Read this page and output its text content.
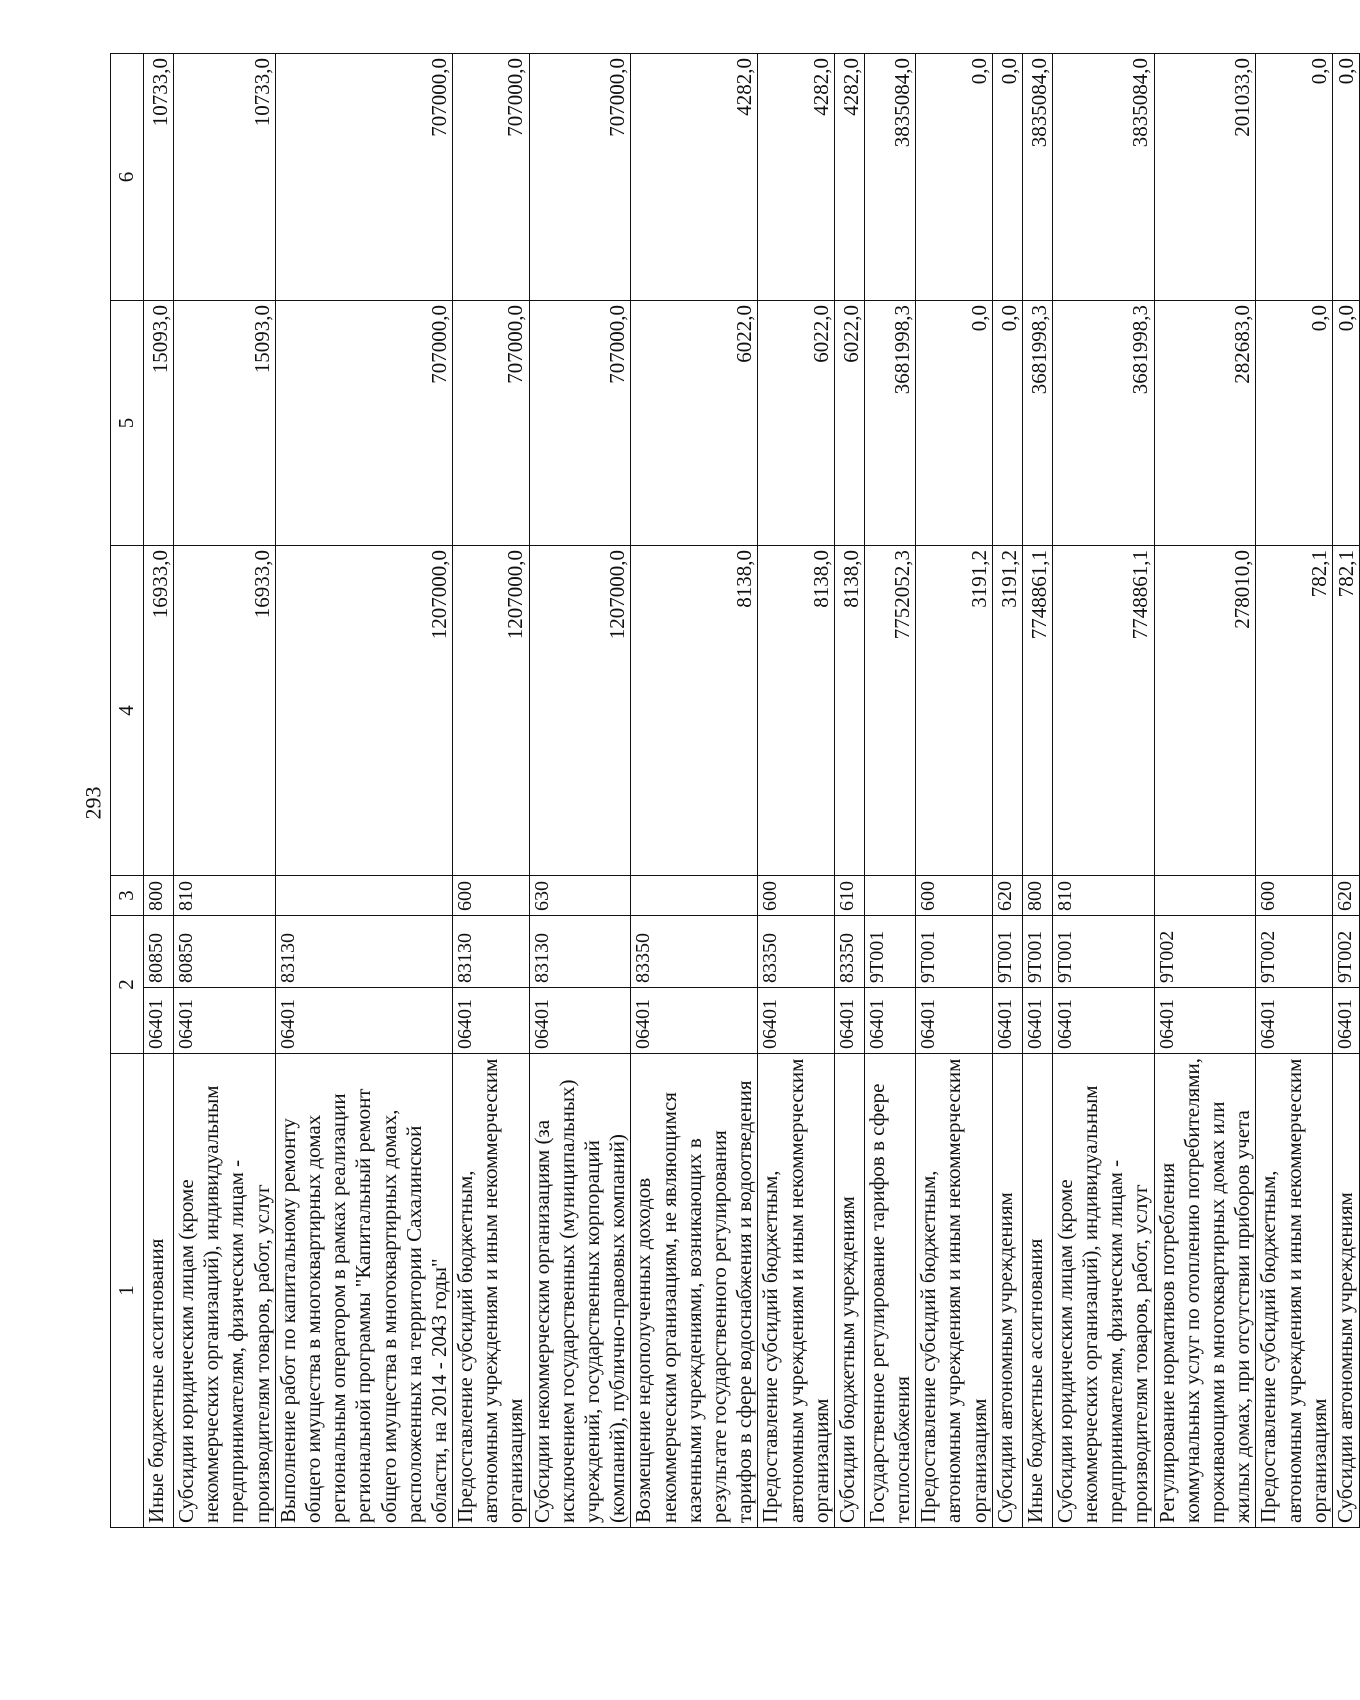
293
1	2		3	4	5	6
Иные бюджетные ассигнования	06401	80850	800	16933,0	15093,0	10733,0
Субсидии юридическим лицам (кроме некоммерческих организаций), индивидуальным предпринимателям, физическим лицам - производителям товаров, работ, услуг	06401	80850	810	16933,0	15093,0	10733,0
Выполнение работ по капитальному ремонту общего имущества в многоквартирных домах региональным оператором в рамках реализации региональной программы "Капитальный ремонт общего имущества в многоквартирных домах, расположенных на территории Сахалинской области, на 2014 - 2043 годы"	06401	83130		1207000,0	707000,0	707000,0
Предоставление субсидий бюджетным, автономным учреждениям и иным некоммерческим организациям	06401	83130	600	1207000,0	707000,0	707000,0
Субсидии некоммерческим организациям (за исключением государственных (муниципальных) учреждений, государственных корпораций (компаний), публично-правовых компаний)	06401	83130	630	1207000,0	707000,0	707000,0
Возмещение недополученных доходов некоммерческим организациям, не являющимся казенными учреждениями, возникающих в результате государственного регулирования тарифов в сфере водоснабжения и водоотведения	06401	83350		8138,0	6022,0	4282,0
Предоставление субсидий бюджетным, автономным учреждениям и иным некоммерческим организациям	06401	83350	600	8138,0	6022,0	4282,0
Субсидии бюджетным учреждениям	06401	83350	610	8138,0	6022,0	4282,0
Государственное регулирование тарифов в сфере теплоснабжения	06401	9Т001		7752052,3	3681998,3	3835084,0
Предоставление субсидий бюджетным, автономным учреждениям и иным некоммерческим организациям	06401	9Т001	600	3191,2	0,0	0,0
Субсидии автономным учреждениям	06401	9Т001	620	3191,2	0,0	0,0
Иные бюджетные ассигнования	06401	9Т001	800	7748861,1	3681998,3	3835084,0
Субсидии юридическим лицам (кроме некоммерческих организаций), индивидуальным предпринимателям, физическим лицам - производителям товаров, работ, услуг	06401	9Т001	810	7748861,1	3681998,3	3835084,0
Регулирование нормативов потребления коммунальных услуг по отоплению потребителями, проживающими в многоквартирных домах или жилых домах, при отсутствии приборов учета	06401	9Т002		278010,0	282683,0	201033,0
Предоставление субсидий бюджетным, автономным учреждениям и иным некоммерческим организациям	06401	9Т002	600	782,1	0,0	0,0
Субсидии автономным учреждениям	06401	9Т002	620	782,1	0,0	0,0
